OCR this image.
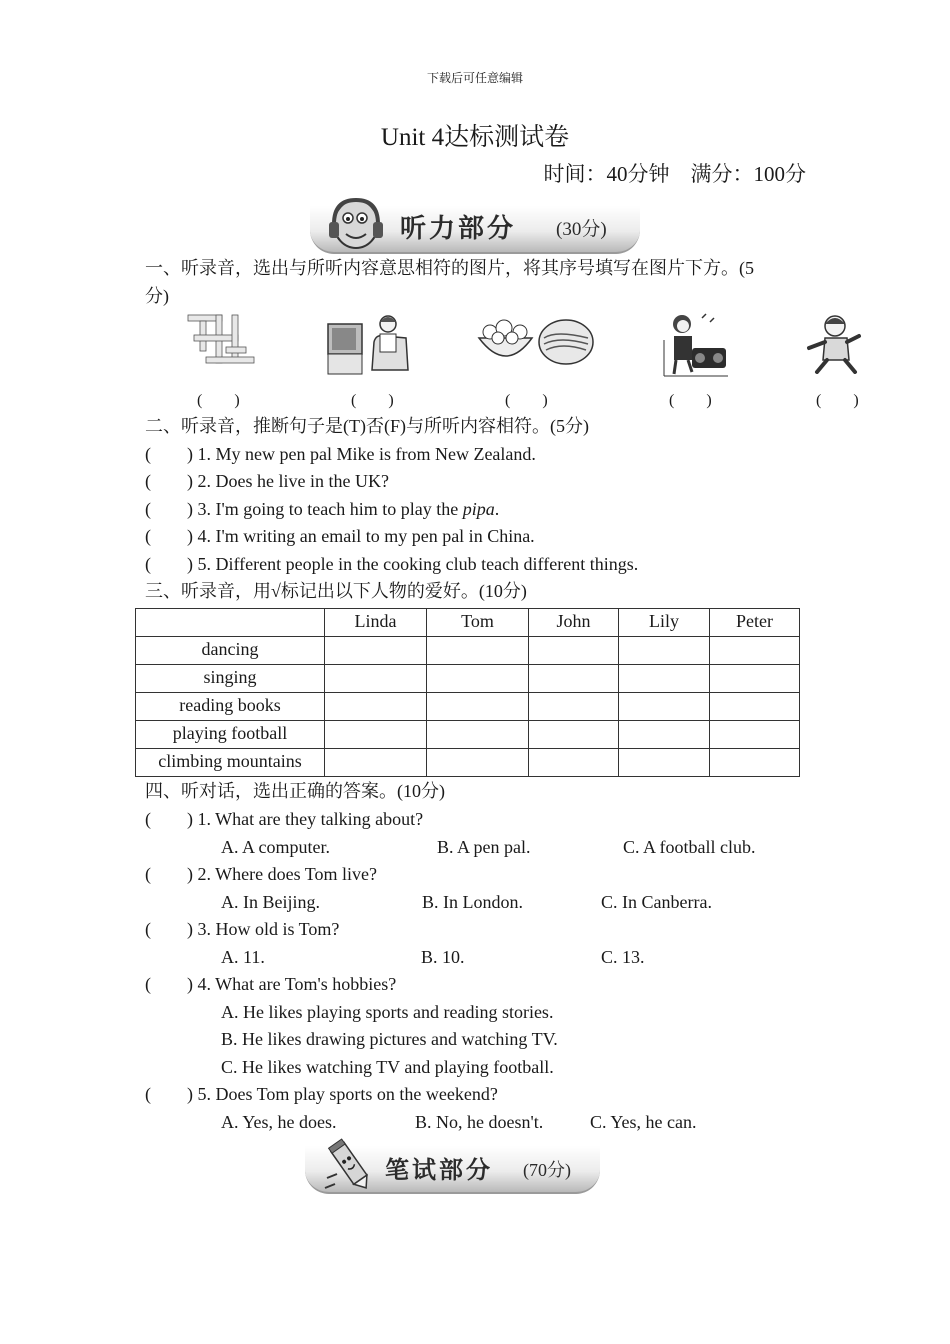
下载后可任意编辑
Unit 4达标测试卷
时间：40分钟　满分：100分
听力部分 (30分)
一、听录音，选出与所听内容意思相符的图片，将其序号填写在图片下方。(5
分)
(　　)	(　　)	(　　)	(　　)	(　　)
二、听录音，推断句子是(T)否(F)与所听内容相符。(5分)
(　　) 1. My new pen pal Mike is from New Zealand.
(　　) 2. Does he live in the UK?
(　　) 3. I'm going to teach him to play the pipa.
(　　) 4. I'm writing an email to my pen pal in China.
(　　) 5. Different people in the cooking club teach different things.
三、听录音，用√标记出以下人物的爱好。(10分)
	Linda	Tom	John	Lily	Peter
dancing					
singing					
reading books					
playing football					
climbing mountains					
四、听对话，选出正确的答案。(10分)
(　　) 1. What are they talking about?
A. A computer.	B. A pen pal.	C. A football club.
(　　) 2. Where does Tom live?
A. In Beijing.	B. In London.	C. In Canberra.
(　　) 3. How old is Tom?
A. 11.	B. 10.	C. 13.
(　　) 4. What are Tom's hobbies?
A. He likes playing sports and reading stories.
B. He likes drawing pictures and watching TV.
C. He likes watching TV and playing football.
(　　) 5. Does Tom play sports on the weekend?
A. Yes, he does.	B. No, he doesn't.	C. Yes, he can.
笔试部分 (70分)
